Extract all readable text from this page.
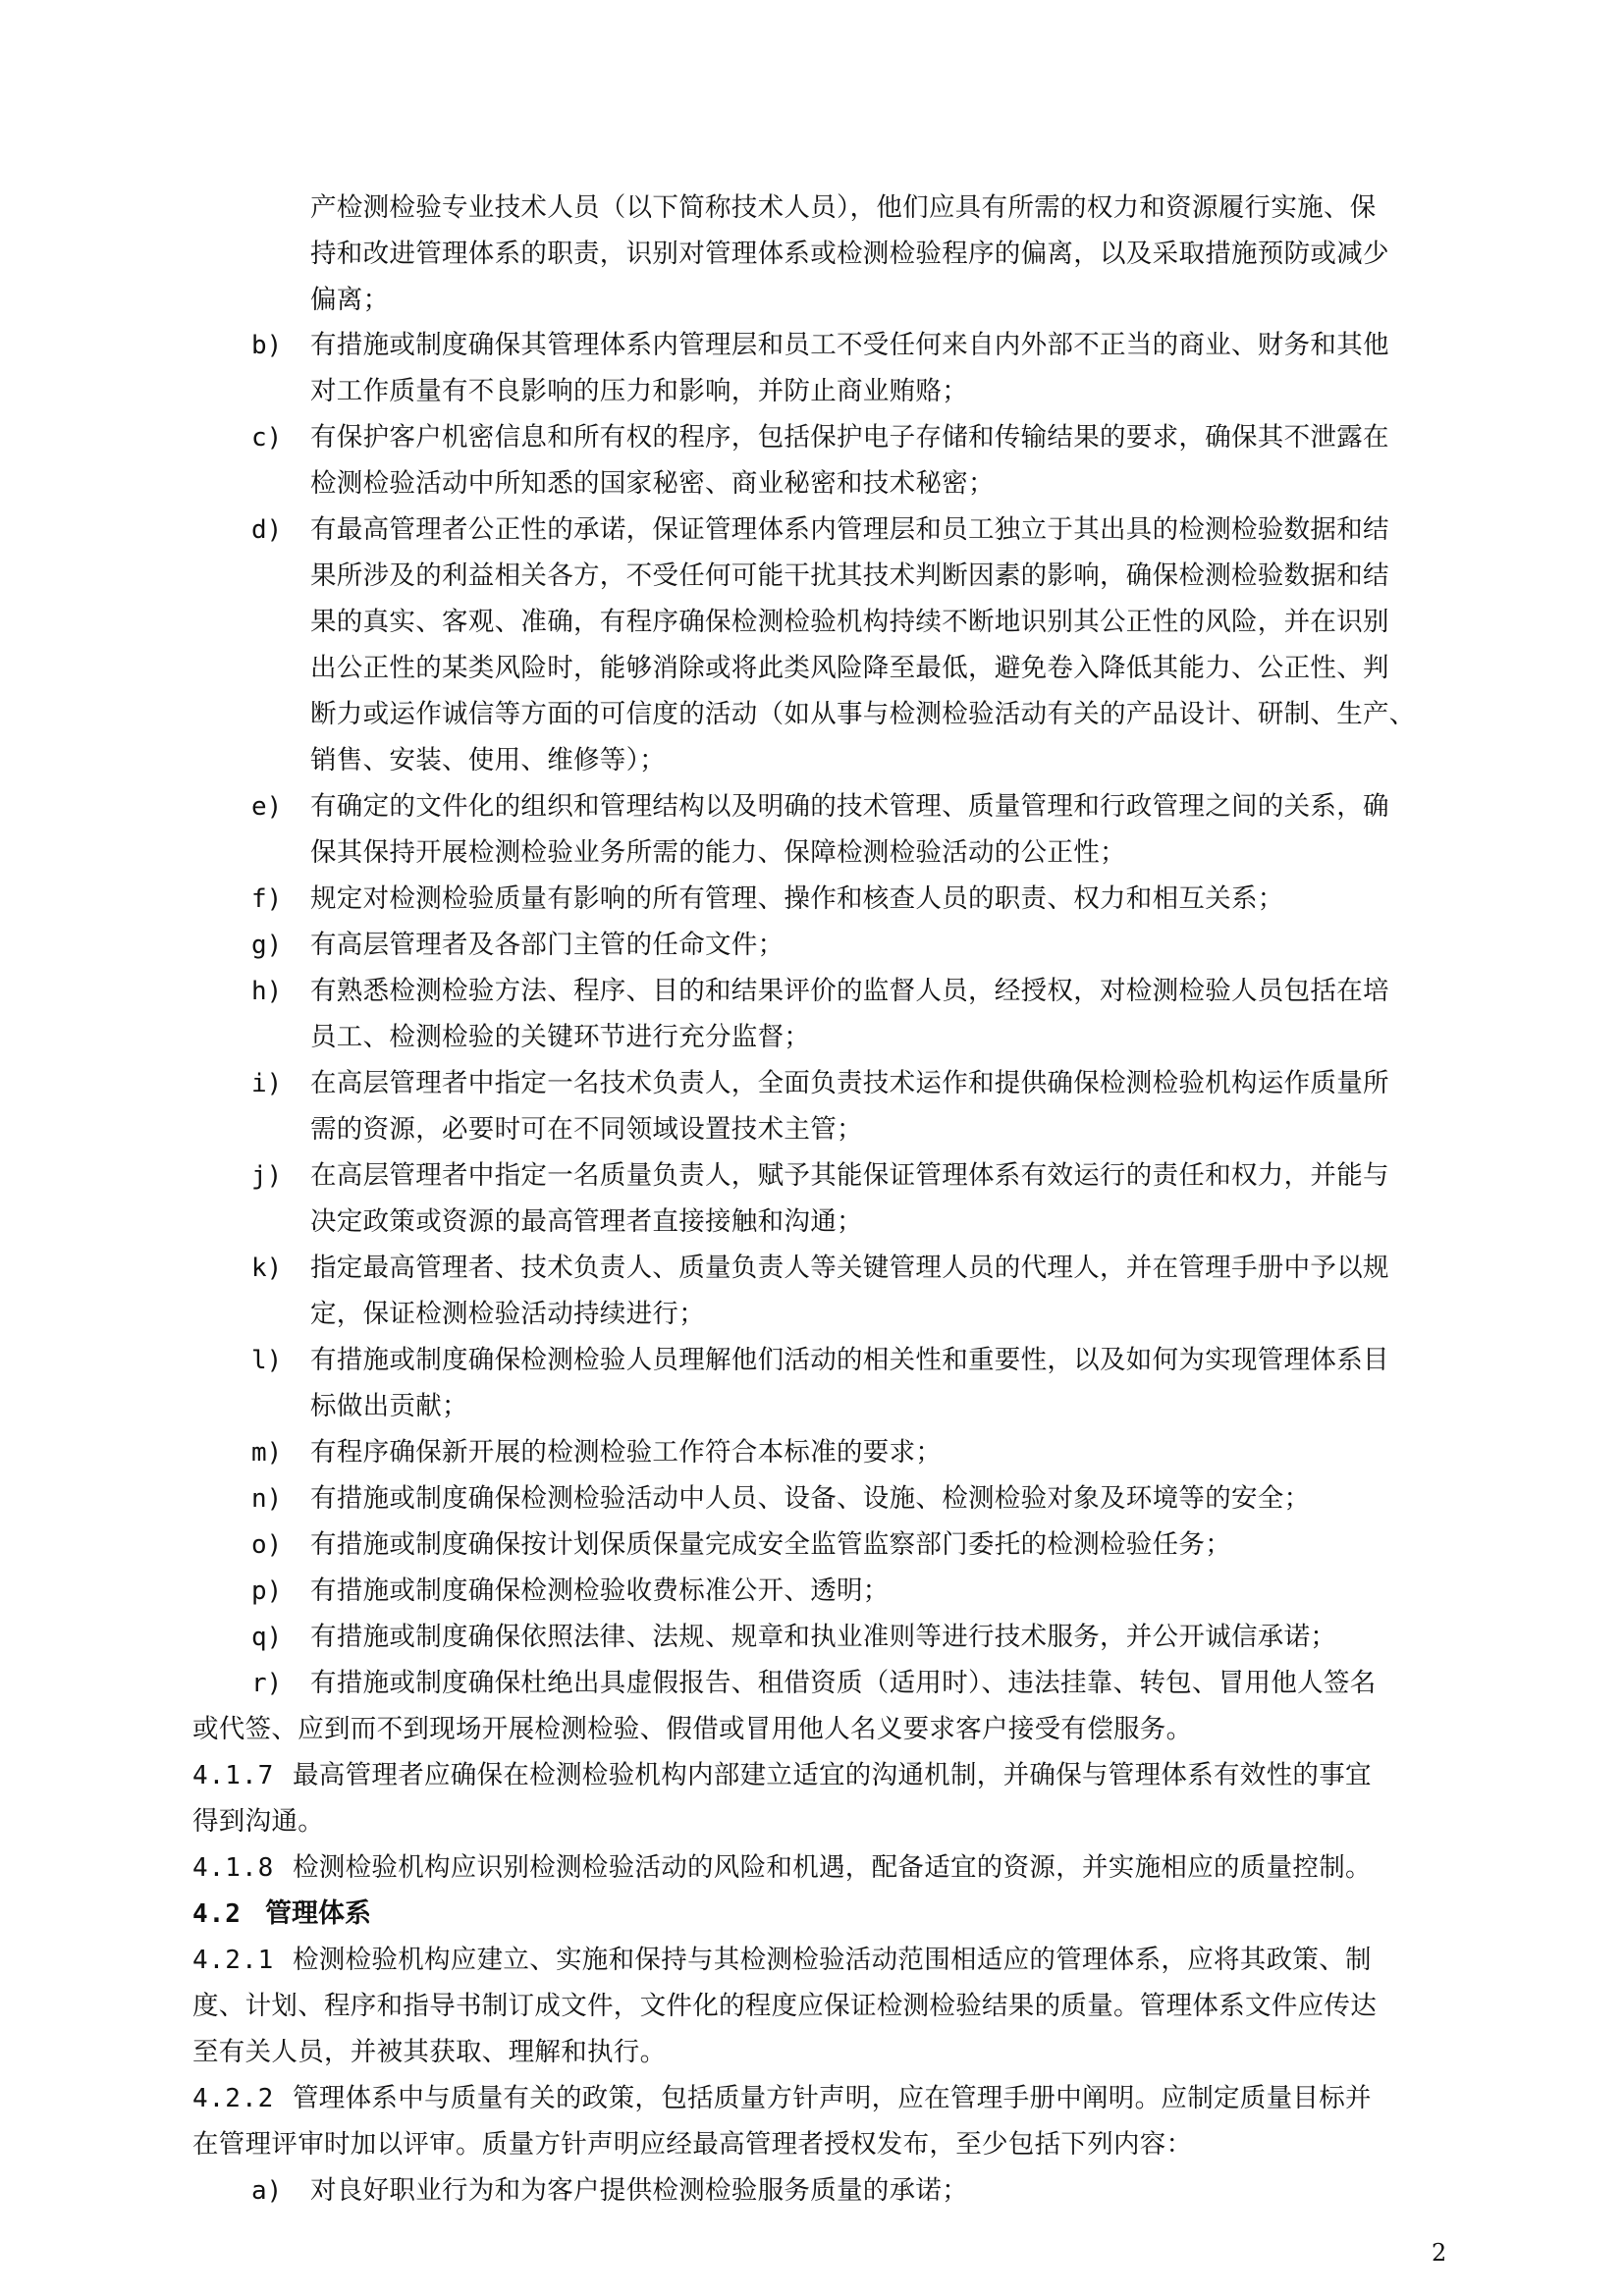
产检测检验专业技术人员（以下简称技术人员），他们应具有所需的权力和资源履行实施、保
持和改进管理体系的职责，识别对管理体系或检测检验程序的偏离，以及采取措施预防或减少
偏离；
b) 有措施或制度确保其管理体系内管理层和员工不受任何来自内外部不正当的商业、财务和其他
对工作质量有不良影响的压力和影响，并防止商业贿赂；
c) 有保护客户机密信息和所有权的程序，包括保护电子存储和传输结果的要求，确保其不泄露在
检测检验活动中所知悉的国家秘密、商业秘密和技术秘密；
d) 有最高管理者公正性的承诺，保证管理体系内管理层和员工独立于其出具的检测检验数据和结
果所涉及的利益相关各方，不受任何可能干扰其技术判断因素的影响，确保检测检验数据和结
果的真实、客观、准确，有程序确保检测检验机构持续不断地识别其公正性的风险，并在识别
出公正性的某类风险时，能够消除或将此类风险降至最低，避免卷入降低其能力、公正性、判
断力或运作诚信等方面的可信度的活动（如从事与检测检验活动有关的产品设计、研制、生产、
销售、安装、使用、维修等）；
e) 有确定的文件化的组织和管理结构以及明确的技术管理、质量管理和行政管理之间的关系，确
保其保持开展检测检验业务所需的能力、保障检测检验活动的公正性；
f) 规定对检测检验质量有影响的所有管理、操作和核查人员的职责、权力和相互关系；
g) 有高层管理者及各部门主管的任命文件；
h) 有熟悉检测检验方法、程序、目的和结果评价的监督人员，经授权，对检测检验人员包括在培
员工、检测检验的关键环节进行充分监督；
i) 在高层管理者中指定一名技术负责人，全面负责技术运作和提供确保检测检验机构运作质量所
需的资源，必要时可在不同领域设置技术主管；
j) 在高层管理者中指定一名质量负责人，赋予其能保证管理体系有效运行的责任和权力，并能与
决定政策或资源的最高管理者直接接触和沟通；
k) 指定最高管理者、技术负责人、质量负责人等关键管理人员的代理人，并在管理手册中予以规
定，保证检测检验活动持续进行；
l) 有措施或制度确保检测检验人员理解他们活动的相关性和重要性，以及如何为实现管理体系目
标做出贡献；
m) 有程序确保新开展的检测检验工作符合本标准的要求；
n) 有措施或制度确保检测检验活动中人员、设备、设施、检测检验对象及环境等的安全；
o) 有措施或制度确保按计划保质保量完成安全监管监察部门委托的检测检验任务；
p) 有措施或制度确保检测检验收费标准公开、透明；
q) 有措施或制度确保依照法律、法规、规章和执业准则等进行技术服务，并公开诚信承诺；
r) 有措施或制度确保杜绝出具虚假报告、租借资质（适用时）、违法挂靠、转包、冒用他人签名
或代签、应到而不到现场开展检测检验、假借或冒用他人名义要求客户接受有偿服务。
4.1.7 最高管理者应确保在检测检验机构内部建立适宜的沟通机制，并确保与管理体系有效性的事宜
得到沟通。
4.1.8 检测检验机构应识别检测检验活动的风险和机遇，配备适宜的资源，并实施相应的质量控制。
4.2 管理体系
4.2.1 检测检验机构应建立、实施和保持与其检测检验活动范围相适应的管理体系，应将其政策、制
度、计划、程序和指导书制订成文件，文件化的程度应保证检测检验结果的质量。管理体系文件应传达
至有关人员，并被其获取、理解和执行。
4.2.2 管理体系中与质量有关的政策，包括质量方针声明，应在管理手册中阐明。应制定质量目标并
在管理评审时加以评审。质量方针声明应经最高管理者授权发布，至少包括下列内容：
a) 对良好职业行为和为客户提供检测检验服务质量的承诺；
2
